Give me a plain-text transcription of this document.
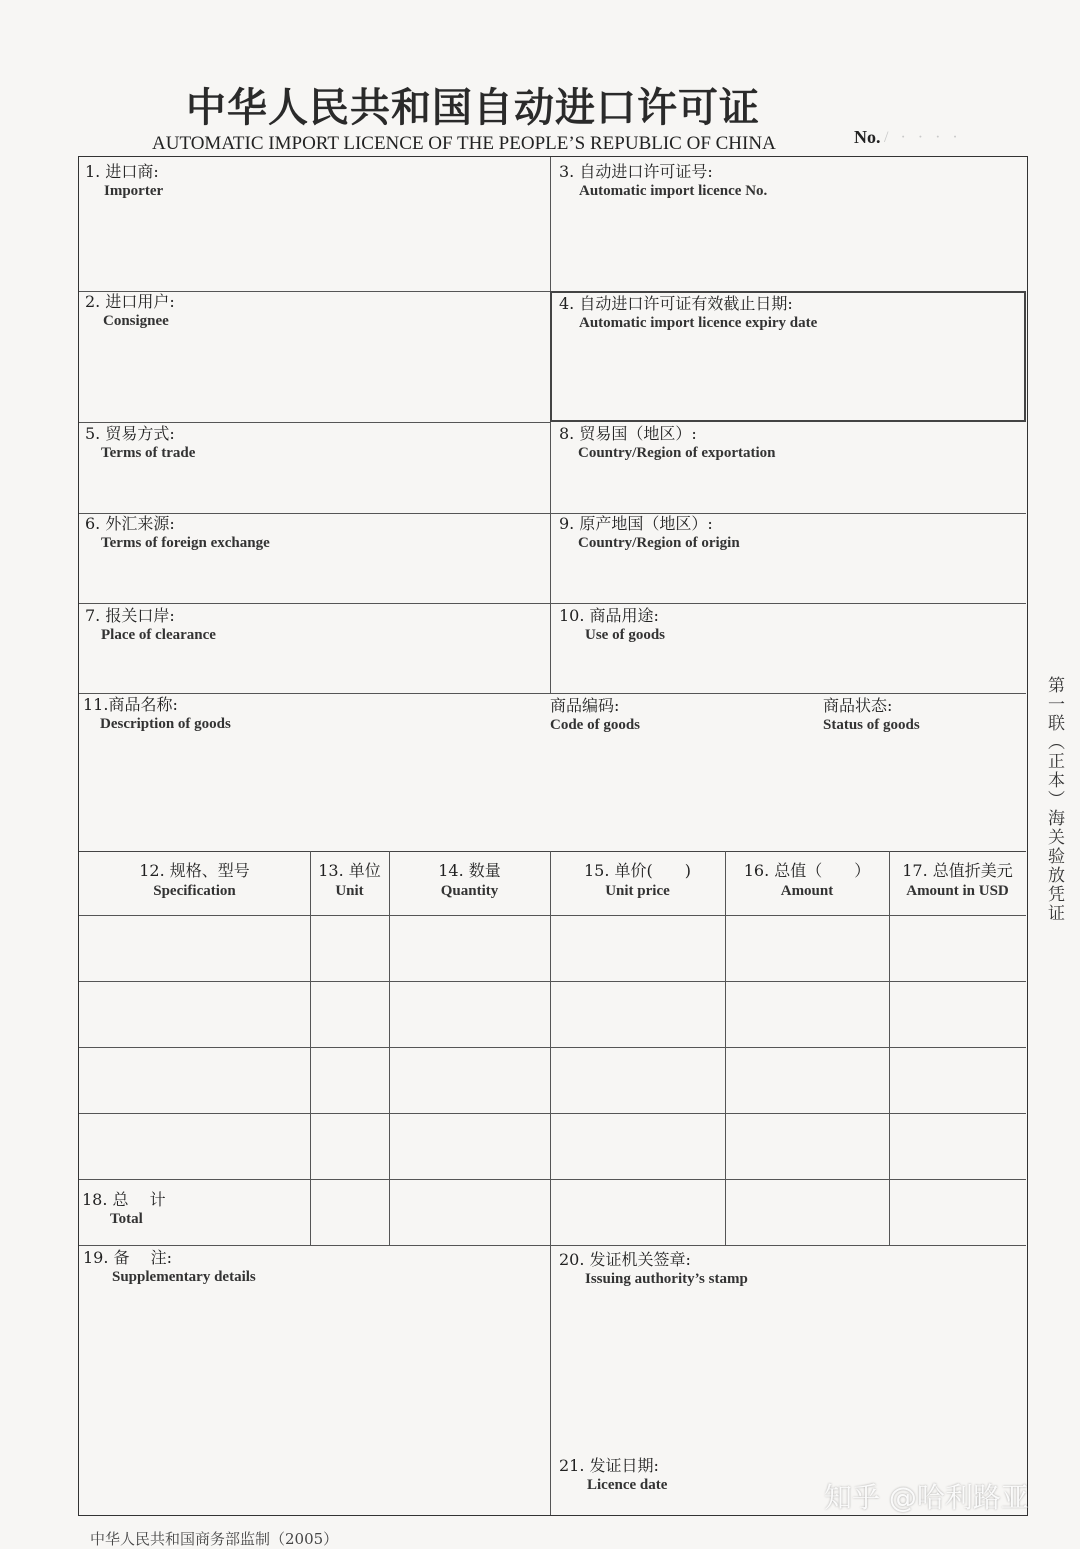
中华人民共和国自动进口许可证
AUTOMATIC IMPORT LICENCE OF THE PEOPLE’S REPUBLIC OF CHINA	No. / · · · ·
1. 进口商:
Importer
3. 自动进口许可证号:
Automatic import licence No.
2. 进口用户:
Consignee
4. 自动进口许可证有效截止日期:
Automatic import licence expiry date
5. 贸易方式:
Terms of trade
8. 贸易国（地区）:
Country/Region of exportation
6. 外汇来源:
Terms of foreign exchange
9. 原产地国（地区）:
Country/Region of origin
7. 报关口岸:
Place of clearance
10. 商品用途:
Use of goods
11.商品名称:
Description of goods
商品编码:
Code of goods
商品状态:
Status of goods
12. 规格、型号
Specification
13. 单位
Unit
14. 数量
Quantity
15. 单价(　　)
Unit price
16. 总值（　　）
Amount
17. 总值折美元
Amount in USD
18. 总　 计
Total
19. 备　 注:
Supplementary details
20. 发证机关签章:
Issuing authority’s stamp
21. 发证日期:
Licence date
第一联（正本）海关验放凭证
中华人民共和国商务部监制（2005）
知乎 @哈利路亚
